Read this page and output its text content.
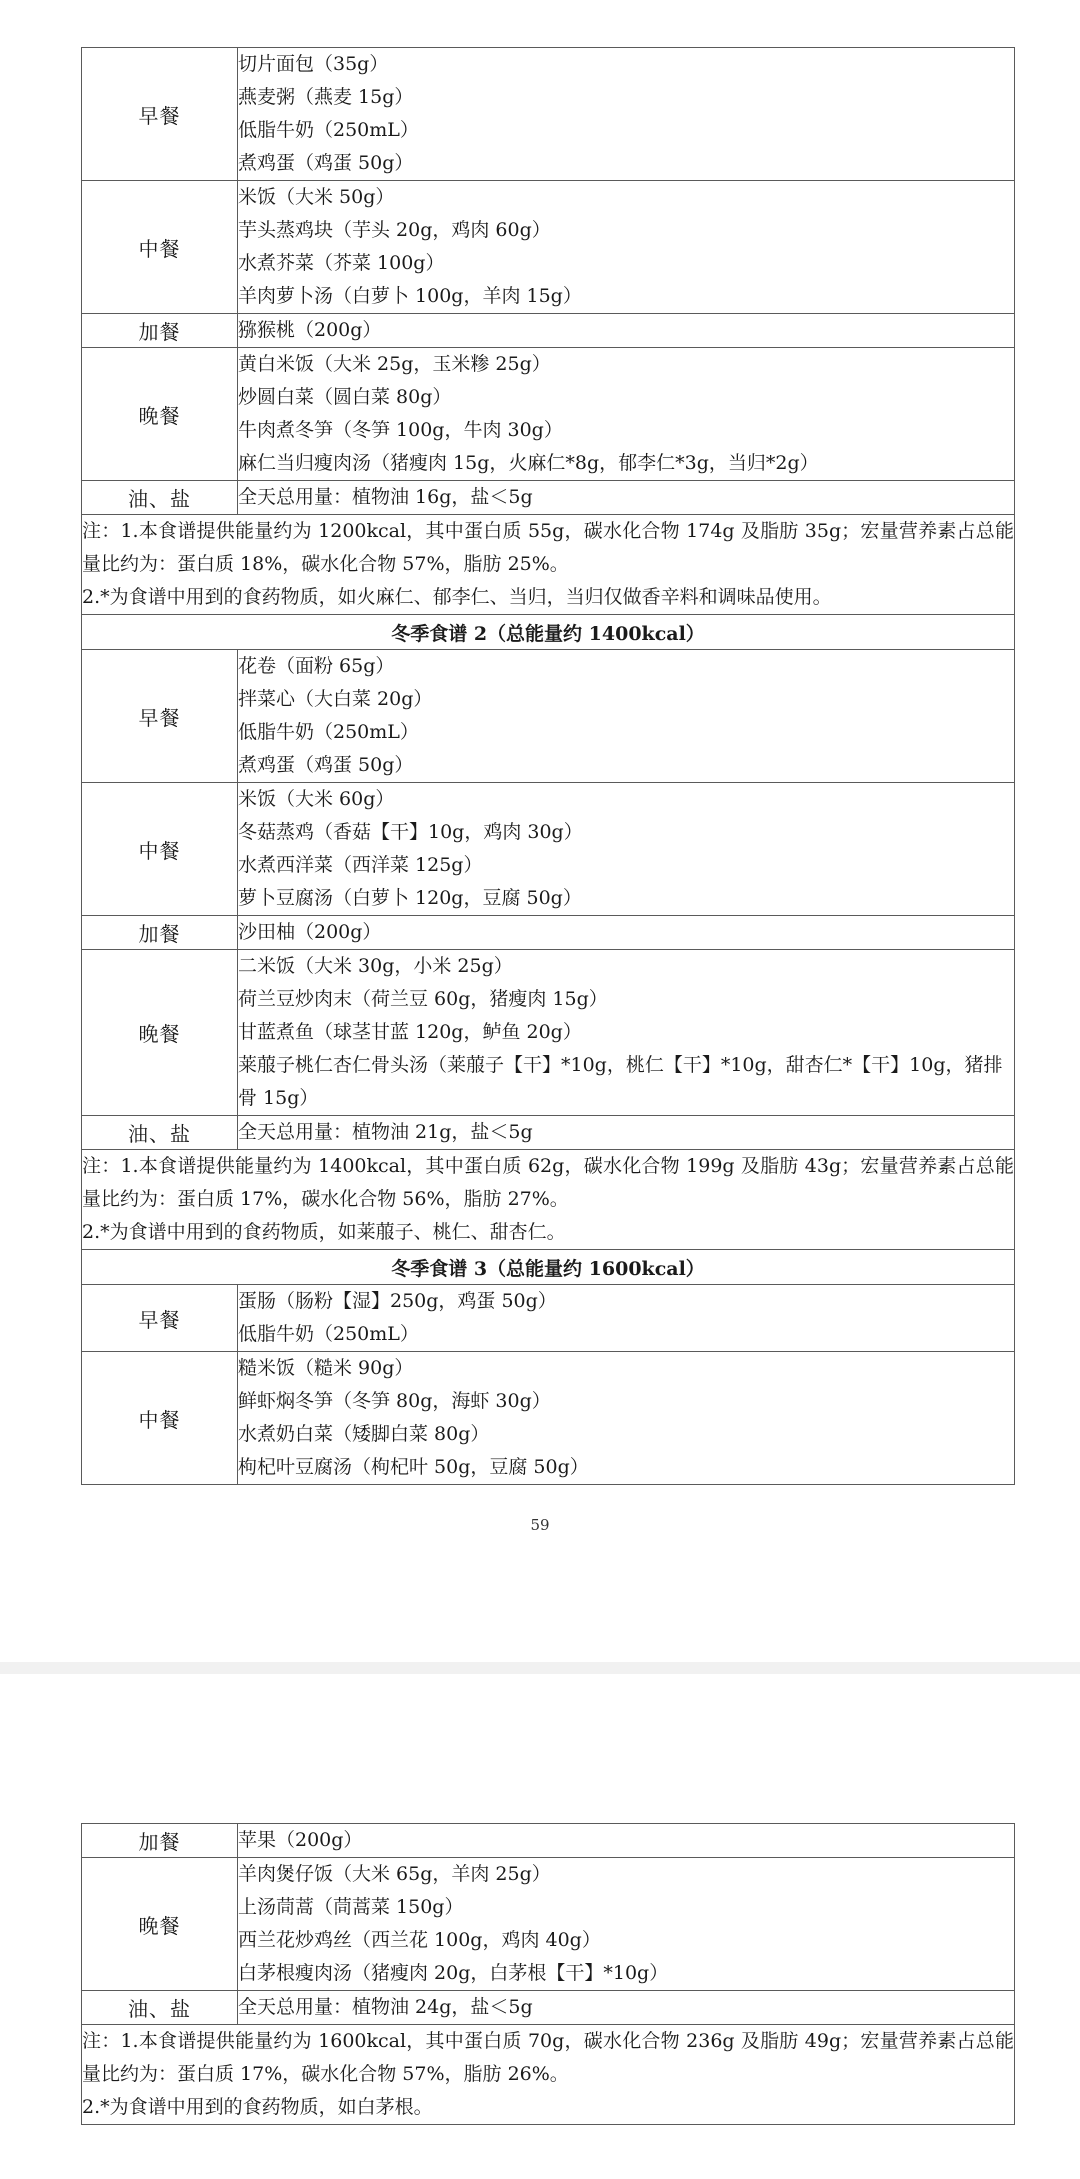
早餐	切片面包（35g）
燕麦粥（燕麦 15g）
低脂牛奶（250mL）
煮鸡蛋（鸡蛋 50g）

中餐	米饭（大米 50g）
芋头蒸鸡块（芋头 20g，鸡肉 60g）
水煮芥菜（芥菜 100g）
羊肉萝卜汤（白萝卜 100g，羊肉 15g）

加餐	猕猴桃（200g）

晚餐	黄白米饭（大米 25g，玉米糁 25g）
炒圆白菜（圆白菜 80g）
牛肉煮冬笋（冬笋 100g，牛肉 30g）
麻仁当归瘦肉汤（猪瘦肉 15g，火麻仁*8g，郁李仁*3g，当归*2g）

油、盐	全天总用量：植物油 16g，盐＜5g

注：1.本食谱提供能量约为 1200kcal，其中蛋白质 55g，碳水化合物 174g 及脂肪 35g；宏量营养素占总能量比约为：蛋白质 18%，碳水化合物 57%，脂肪 25%。
2.*为食谱中用到的食药物质，如火麻仁、郁李仁、当归，当归仅做香辛料和调味品使用。	

冬季食谱 2（总能量约 1400kcal）	
早餐	花卷（面粉 65g）
拌菜心（大白菜 20g）
低脂牛奶（250mL）
煮鸡蛋（鸡蛋 50g）

中餐	米饭（大米 60g）
冬菇蒸鸡（香菇【干】10g，鸡肉 30g）
水煮西洋菜（西洋菜 125g）
萝卜豆腐汤（白萝卜 120g，豆腐 50g）

加餐	沙田柚（200g）

晚餐	二米饭（大米 30g，小米 25g）
荷兰豆炒肉末（荷兰豆 60g，猪瘦肉 15g）
甘蓝煮鱼（球茎甘蓝 120g，鲈鱼 20g）
莱菔子桃仁杏仁骨头汤（莱菔子【干】*10g，桃仁【干】*10g，甜杏仁*【干】10g，猪排骨 15g）

油、盐	全天总用量：植物油 21g，盐＜5g

注：1.本食谱提供能量约为 1400kcal，其中蛋白质 62g，碳水化合物 199g 及脂肪 43g；宏量营养素占总能量比约为：蛋白质 17%，碳水化合物 56%，脂肪 27%。
2.*为食谱中用到的食药物质，如莱菔子、桃仁、甜杏仁。	

冬季食谱 3（总能量约 1600kcal）	
早餐	蛋肠（肠粉【湿】250g，鸡蛋 50g）
低脂牛奶（250mL）

中餐	糙米饭（糙米 90g）
鲜虾焖冬笋（冬笋 80g，海虾 30g）
水煮奶白菜（矮脚白菜 80g）
枸杞叶豆腐汤（枸杞叶 50g，豆腐 50g）
59
加餐	苹果（200g）

晚餐	羊肉煲仔饭（大米 65g，羊肉 25g）
上汤茼蒿（茼蒿菜 150g）
西兰花炒鸡丝（西兰花 100g，鸡肉 40g）
白茅根瘦肉汤（猪瘦肉 20g，白茅根【干】*10g）

油、盐	全天总用量：植物油 24g，盐＜5g

注：1.本食谱提供能量约为 1600kcal，其中蛋白质 70g，碳水化合物 236g 及脂肪 49g；宏量营养素占总能量比约为：蛋白质 17%，碳水化合物 57%，脂肪 26%。
2.*为食谱中用到的食药物质，如白茅根。	
